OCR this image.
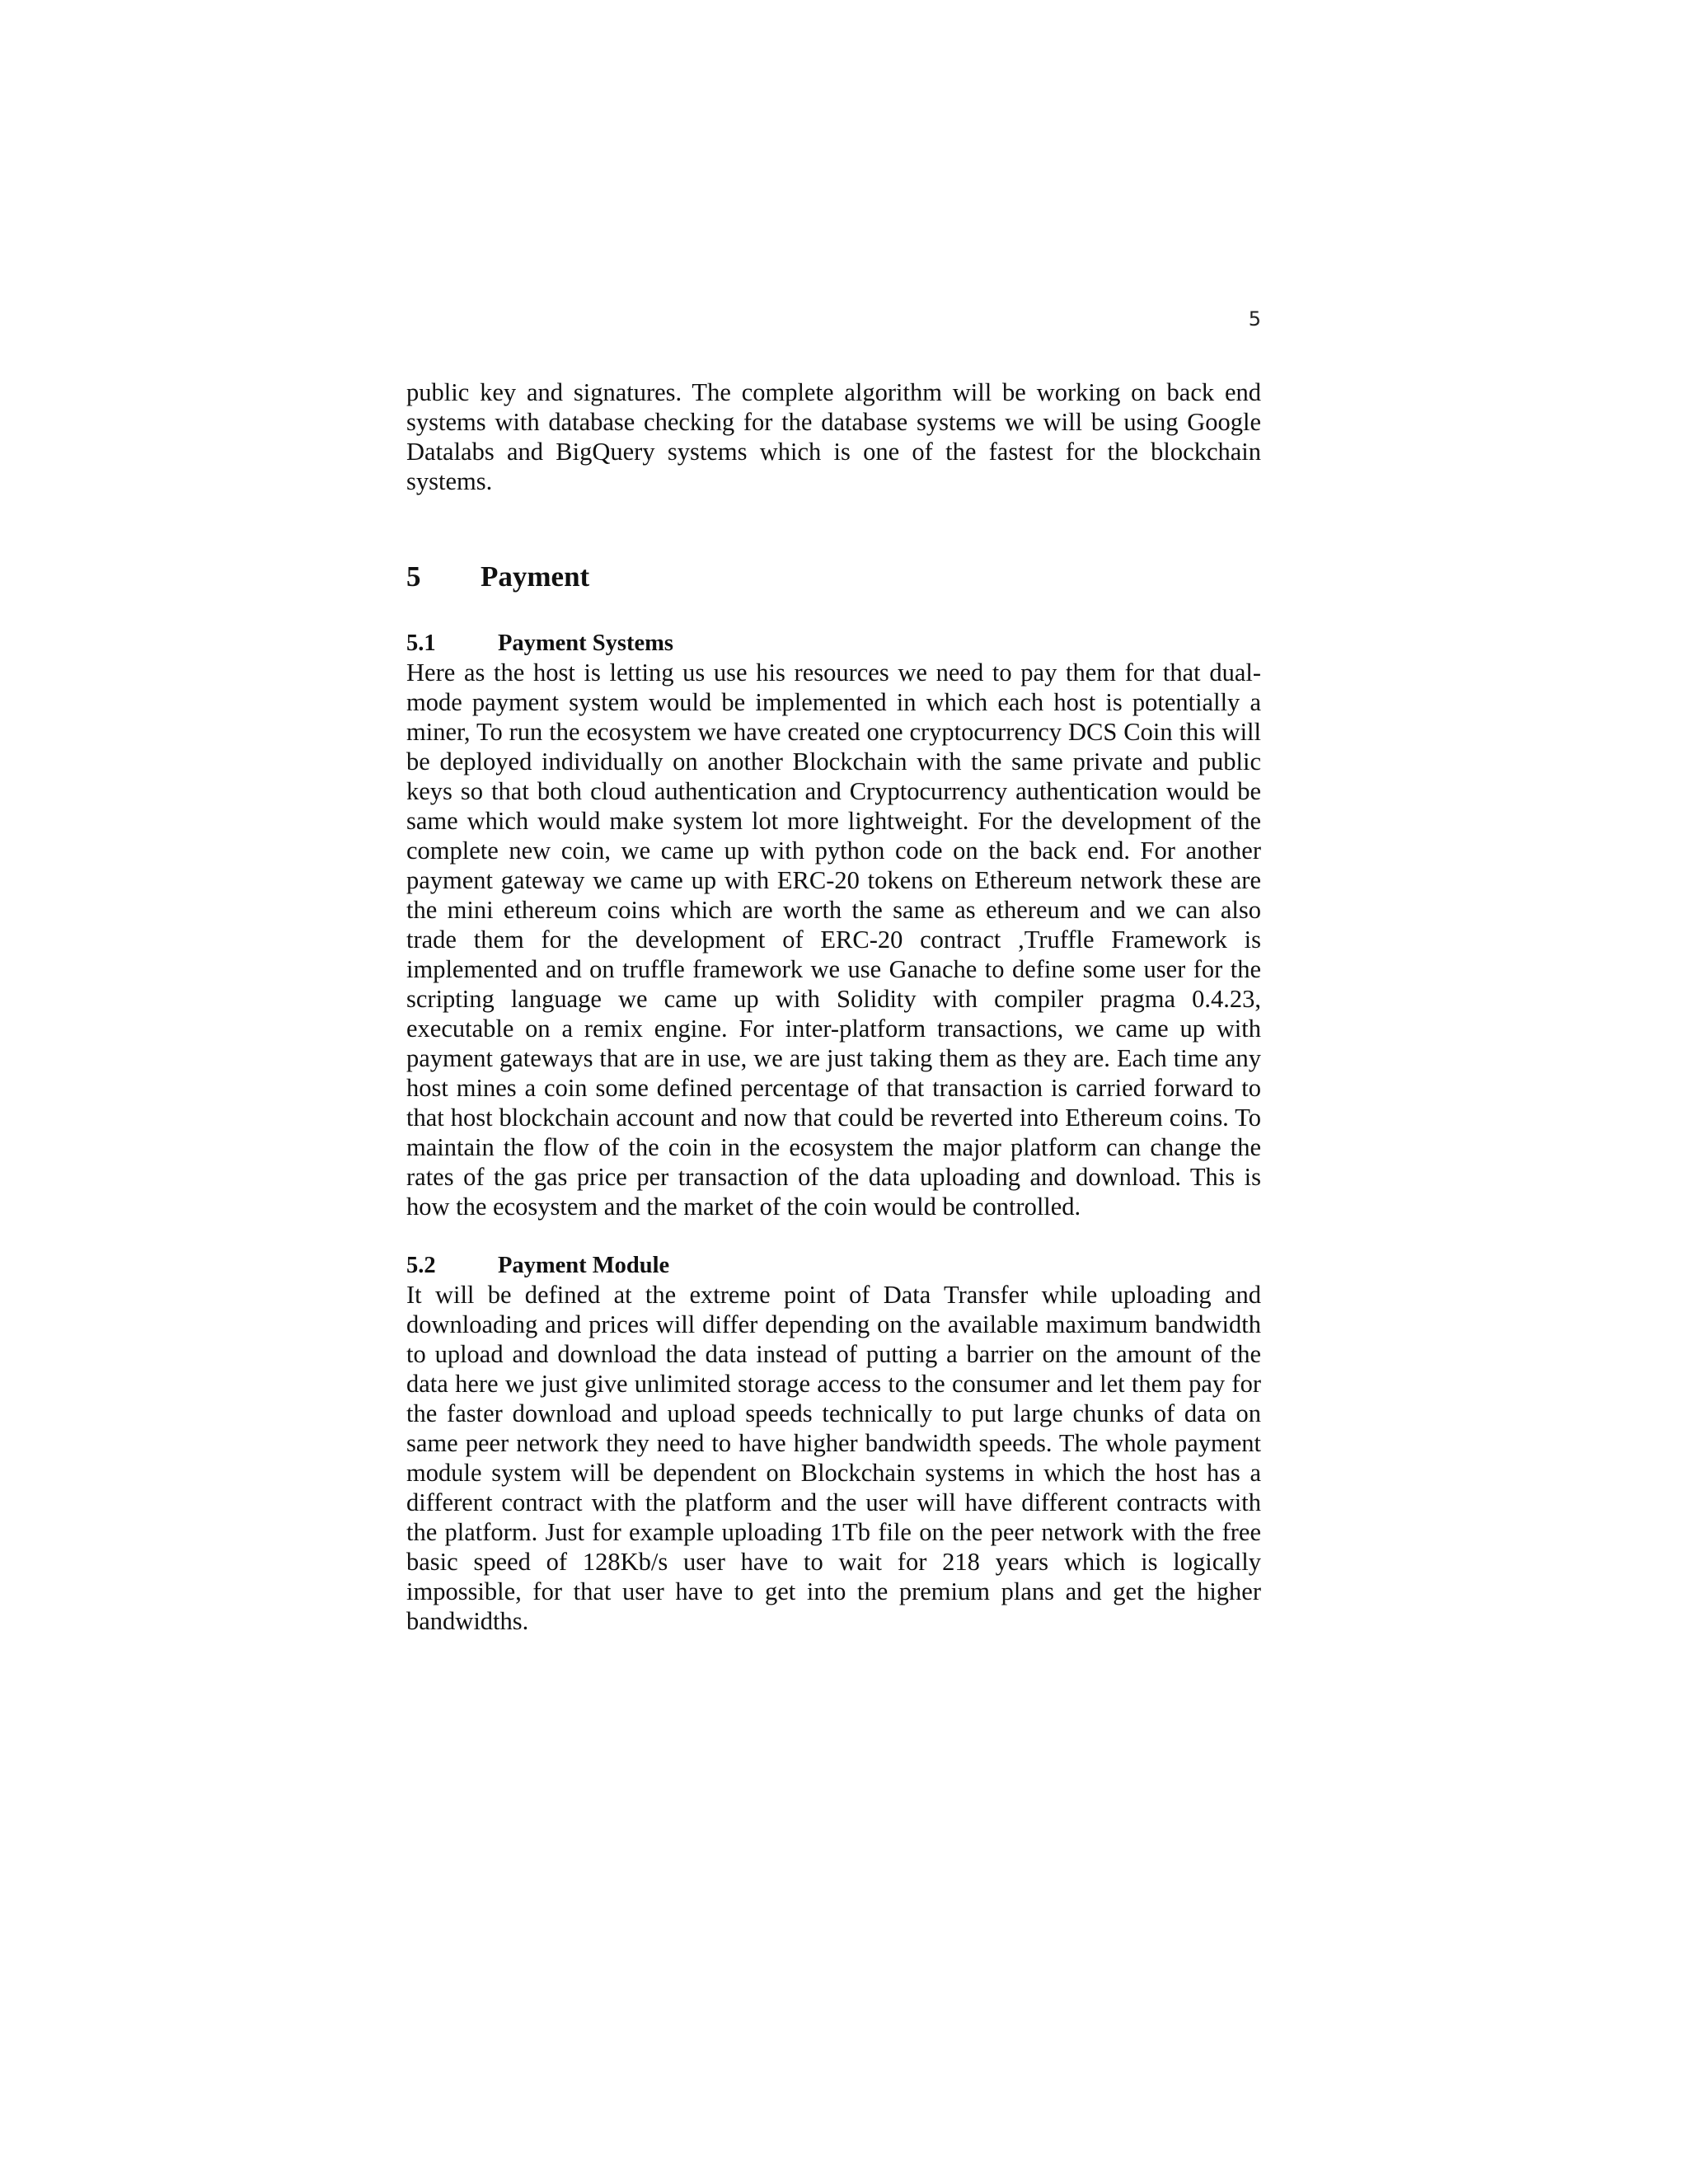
5

public key and signatures. The complete algorithm will be working on back end systems with database checking for the database systems we will be using Google Datalabs and BigQuery systems which is one of the fastest for the blockchain systems.

5	Payment
5.1	Payment Systems

Here as the host is letting us use his resources we need to pay them for that dual-mode payment system would be implemented in which each host is potentially a miner, To run the ecosystem we have created one cryptocurrency DCS Coin this will be deployed individually on another Blockchain with the same private and public keys so that both cloud authentication and Cryptocurrency authentication would be same which would make system lot more lightweight. For the development of the complete new coin, we came up with python code on the back end. For another payment gateway we came up with ERC-20 tokens on Ethereum network these are the mini ethereum coins which are worth the same as ethereum and we can also trade them for the development of ERC-20 contract ,Truffle Framework is implemented and on truffle framework we use Ganache to define some user for the scripting language we came up with Solidity with compiler pragma 0.4.23, executable on a remix engine. For inter-platform transactions, we came up with payment gateways that are in use, we are just taking them as they are. Each time any host mines a coin some defined percentage of that transaction is carried forward to that host blockchain account and now that could be reverted into Ethereum coins. To maintain the flow of the coin in the ecosystem the major platform can change the rates of the gas price per transaction of the data uploading and download. This is how the ecosystem and the market of the coin would be controlled.

5.2	Payment Module

It will be defined at the extreme point of Data Transfer while uploading and downloading and prices will differ depending on the available maximum bandwidth to upload and download the data instead of putting a barrier on the amount of the data here we just give unlimited storage access to the consumer and let them pay for the faster download and upload speeds technically to put large chunks of data on same peer network they need to have higher bandwidth speeds. The whole payment module system will be dependent on Blockchain systems in which the host has a different contract with the platform and the user will have different contracts with the platform. Just for example uploading 1Tb file on the peer network with the free basic speed of 128Kb/s user have to wait for 218 years which is logically impossible, for that user have to get into the premium plans and get the higher bandwidths.
